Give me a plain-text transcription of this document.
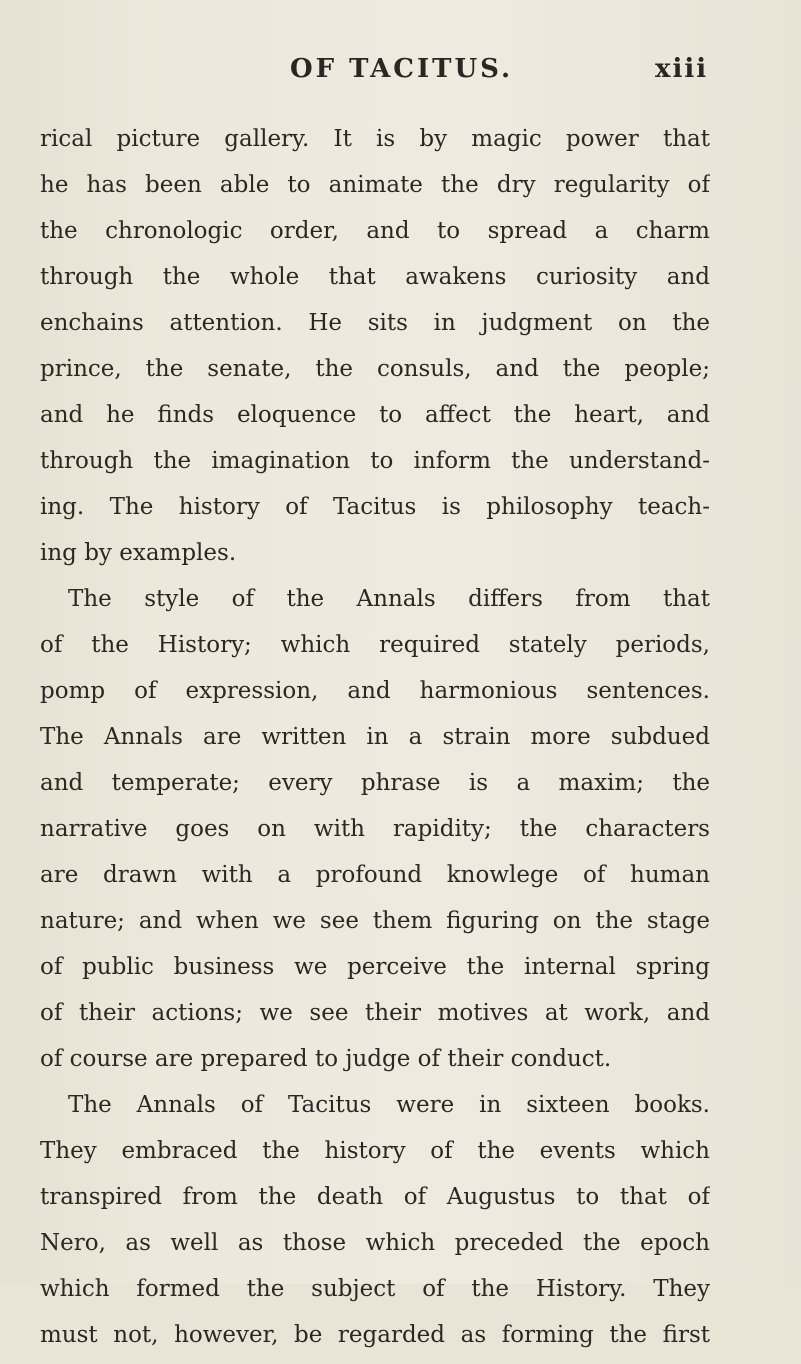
OF TACITUS.	xiii
rical picture gallery. It is by magic power that
he has been able to animate the dry regularity of
the chronologic order, and to spread a charm
through the whole that awakens curiosity and
enchains attention. He sits in judgment on the
prince, the senate, the consuls, and the people;
and he finds eloquence to affect the heart, and
through the imagination to inform the understand-
ing. The history of Tacitus is philosophy teach-
ing by examples.
The style of the Annals differs from that
of the History; which required stately periods,
pomp of expression, and harmonious sentences.
The Annals are written in a strain more subdued
and temperate; every phrase is a maxim; the
narrative goes on with rapidity; the characters
are drawn with a profound knowlege of human
nature; and when we see them figuring on the stage
of public business we perceive the internal spring
of their actions; we see their motives at work, and
of course are prepared to judge of their conduct.
The Annals of Tacitus were in sixteen books.
They embraced the history of the events which
transpired from the death of Augustus to that of
Nero, as well as those which preceded the epoch
which formed the subject of the History. They
must not, however, be regarded as forming the first
